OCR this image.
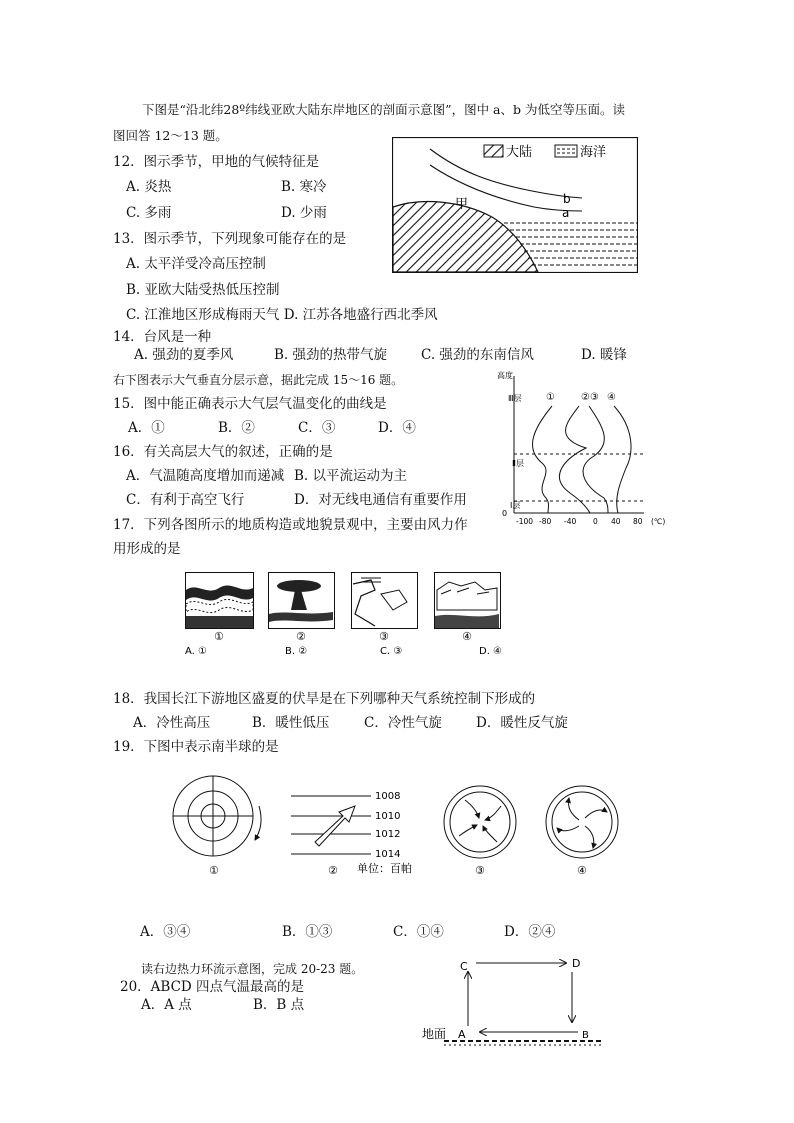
下图是“沿北纬28º纬线亚欧大陆东岸地区的剖面示意图”，图中 a、b 为低空等压面。读
图回答 12～13 题。
12．图示季节，甲地的气候特征是
A. 炎热	B. 寒冷
C. 多雨	D. 少雨
13．图示季节，下列现象可能存在的是
A. 太平洋受冷高压控制
B. 亚欧大陆受热低压控制
C. 江淮地区形成梅雨天气 D. 江苏各地盛行西北季风
大陆	海洋
甲	b
a
14．台风是一种
A. 强劲的夏季风	B. 强劲的热带气旋	C. 强劲的东南信风	D. 暖锋
右下图表示大气垂直分层示意，据此完成 15～16 题。
15．图中能正确表示大气层气温变化的曲线是
A．①	B．②	C．③	D．④
16．有关高层大气的叙述，正确的是
A．气温随高度增加而递减 B. 以平流运动为主
C．有利于高空飞行	D．对无线电通信有重要作用
高度
Ⅲ层
Ⅱ层
Ⅰ层
0
①	②③ ④
-100 -80 -40 0 40 80 (℃)
17．下列各图所示的地质构造或地貌景观中，主要由风力作
用形成的是
①	②	③	④
A. ①	B. ②	C. ③	D. ④
18．我国长江下游地区盛夏的伏旱是在下列哪种天气系统控制下形成的
A．冷性高压	B．暖性低压	C．冷性气旋	D．暖性反气旋
19．下图中表示南半球的是
①
1008
1010
1012
1014
单位：百帕
②	③	④
A．③④	B．①③	C．①④	D．②④
读右边热力环流示意图，完成 20-23 题。
20．ABCD 四点气温最高的是
A．A 点	B．B 点
C	D
地面 A	B
